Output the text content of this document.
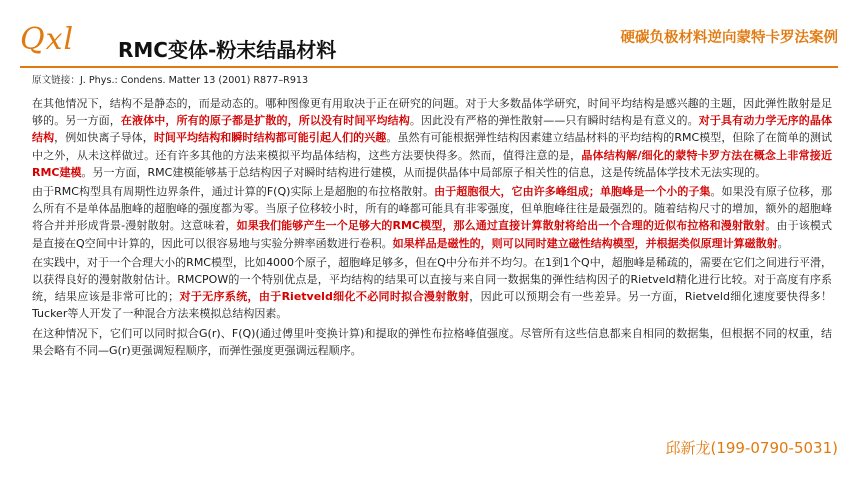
Qxl RMC变体-粉末结晶材料	硬碳负极材料逆向蒙特卡罗法案例
原文链接：J. Phys.: Condens. Matter 13 (2001) R877–R913

在其他情况下，结构不是静态的，而是动态的。哪种图像更有用取决于正在研究的问题。对于大多数晶体学研究，时间平均结构是感兴趣的主题，因此弹性散射是足够的。另一方面，在液体中，所有的原子都是扩散的，所以没有时间平均结构。因此没有严格的弹性散射——只有瞬时结构是有意义的。对于具有动力学无序的晶体结构，例如快离子导体，时间平均结构和瞬时结构都可能引起人们的兴趣。虽然有可能根据弹性结构因素建立结晶材料的平均结构的RMC模型，但除了在简单的测试中之外，从未这样做过。还有许多其他的方法来模拟平均晶体结构，这些方法要快得多。然而，值得注意的是，晶体结构解/细化的蒙特卡罗方法在概念上非常接近RMC建模。另一方面，RMC建模能够基于总结构因子对瞬时结构进行建模，从而提供晶体中局部原子相关性的信息，这是传统晶体学技术无法实现的。

由于RMC构型具有周期性边界条件，通过计算的F(Q)实际上是超胞的布拉格散射。由于超胞很大，它由许多峰组成；单胞峰是一个小的子集。如果没有原子位移，那么所有不是单体晶胞峰的超胞峰的强度都为零。当原子位移较小时，所有的峰都可能具有非零强度，但单胞峰往往是最强烈的。随着结构尺寸的增加，额外的超胞峰将合并并形成背景-漫射散射。这意味着，如果我们能够产生一个足够大的RMC模型，那么通过直接计算散射将给出一个合理的近似布拉格和漫射散射。由于该模式是直接在Q空间中计算的，因此可以很容易地与实验分辨率函数进行卷积。如果样品是磁性的，则可以同时建立磁性结构模型，并根据类似原理计算磁散射。

在实践中，对于一个合理大小的RMC模型，比如4000个原子，超胞峰足够多，但在Q中分布并不均匀。在1到1个Q中，超胞峰是稀疏的，需要在它们之间进行平滑，以获得良好的漫射散射估计。RMCPOW的一个特别优点是，平均结构的结果可以直接与来自同一数据集的弹性结构因子的Rietveld精化进行比较。对于高度有序系统，结果应该是非常可比的；对于无序系统，由于Rietveld细化不必同时拟合漫射散射，因此可以预期会有一些差异。另一方面，Rietveld细化速度要快得多！Tucker等人开发了一种混合方法来模拟总结构因素。

在这种情况下，它们可以同时拟合G(r)、F(Q)(通过傅里叶变换计算)和提取的弹性布拉格峰值强度。尽管所有这些信息都来自相同的数据集，但根据不同的权重，结果会略有不同—G(r)更强调短程顺序，而弹性强度更强调远程顺序。

邱新龙(199-0790-5031)
